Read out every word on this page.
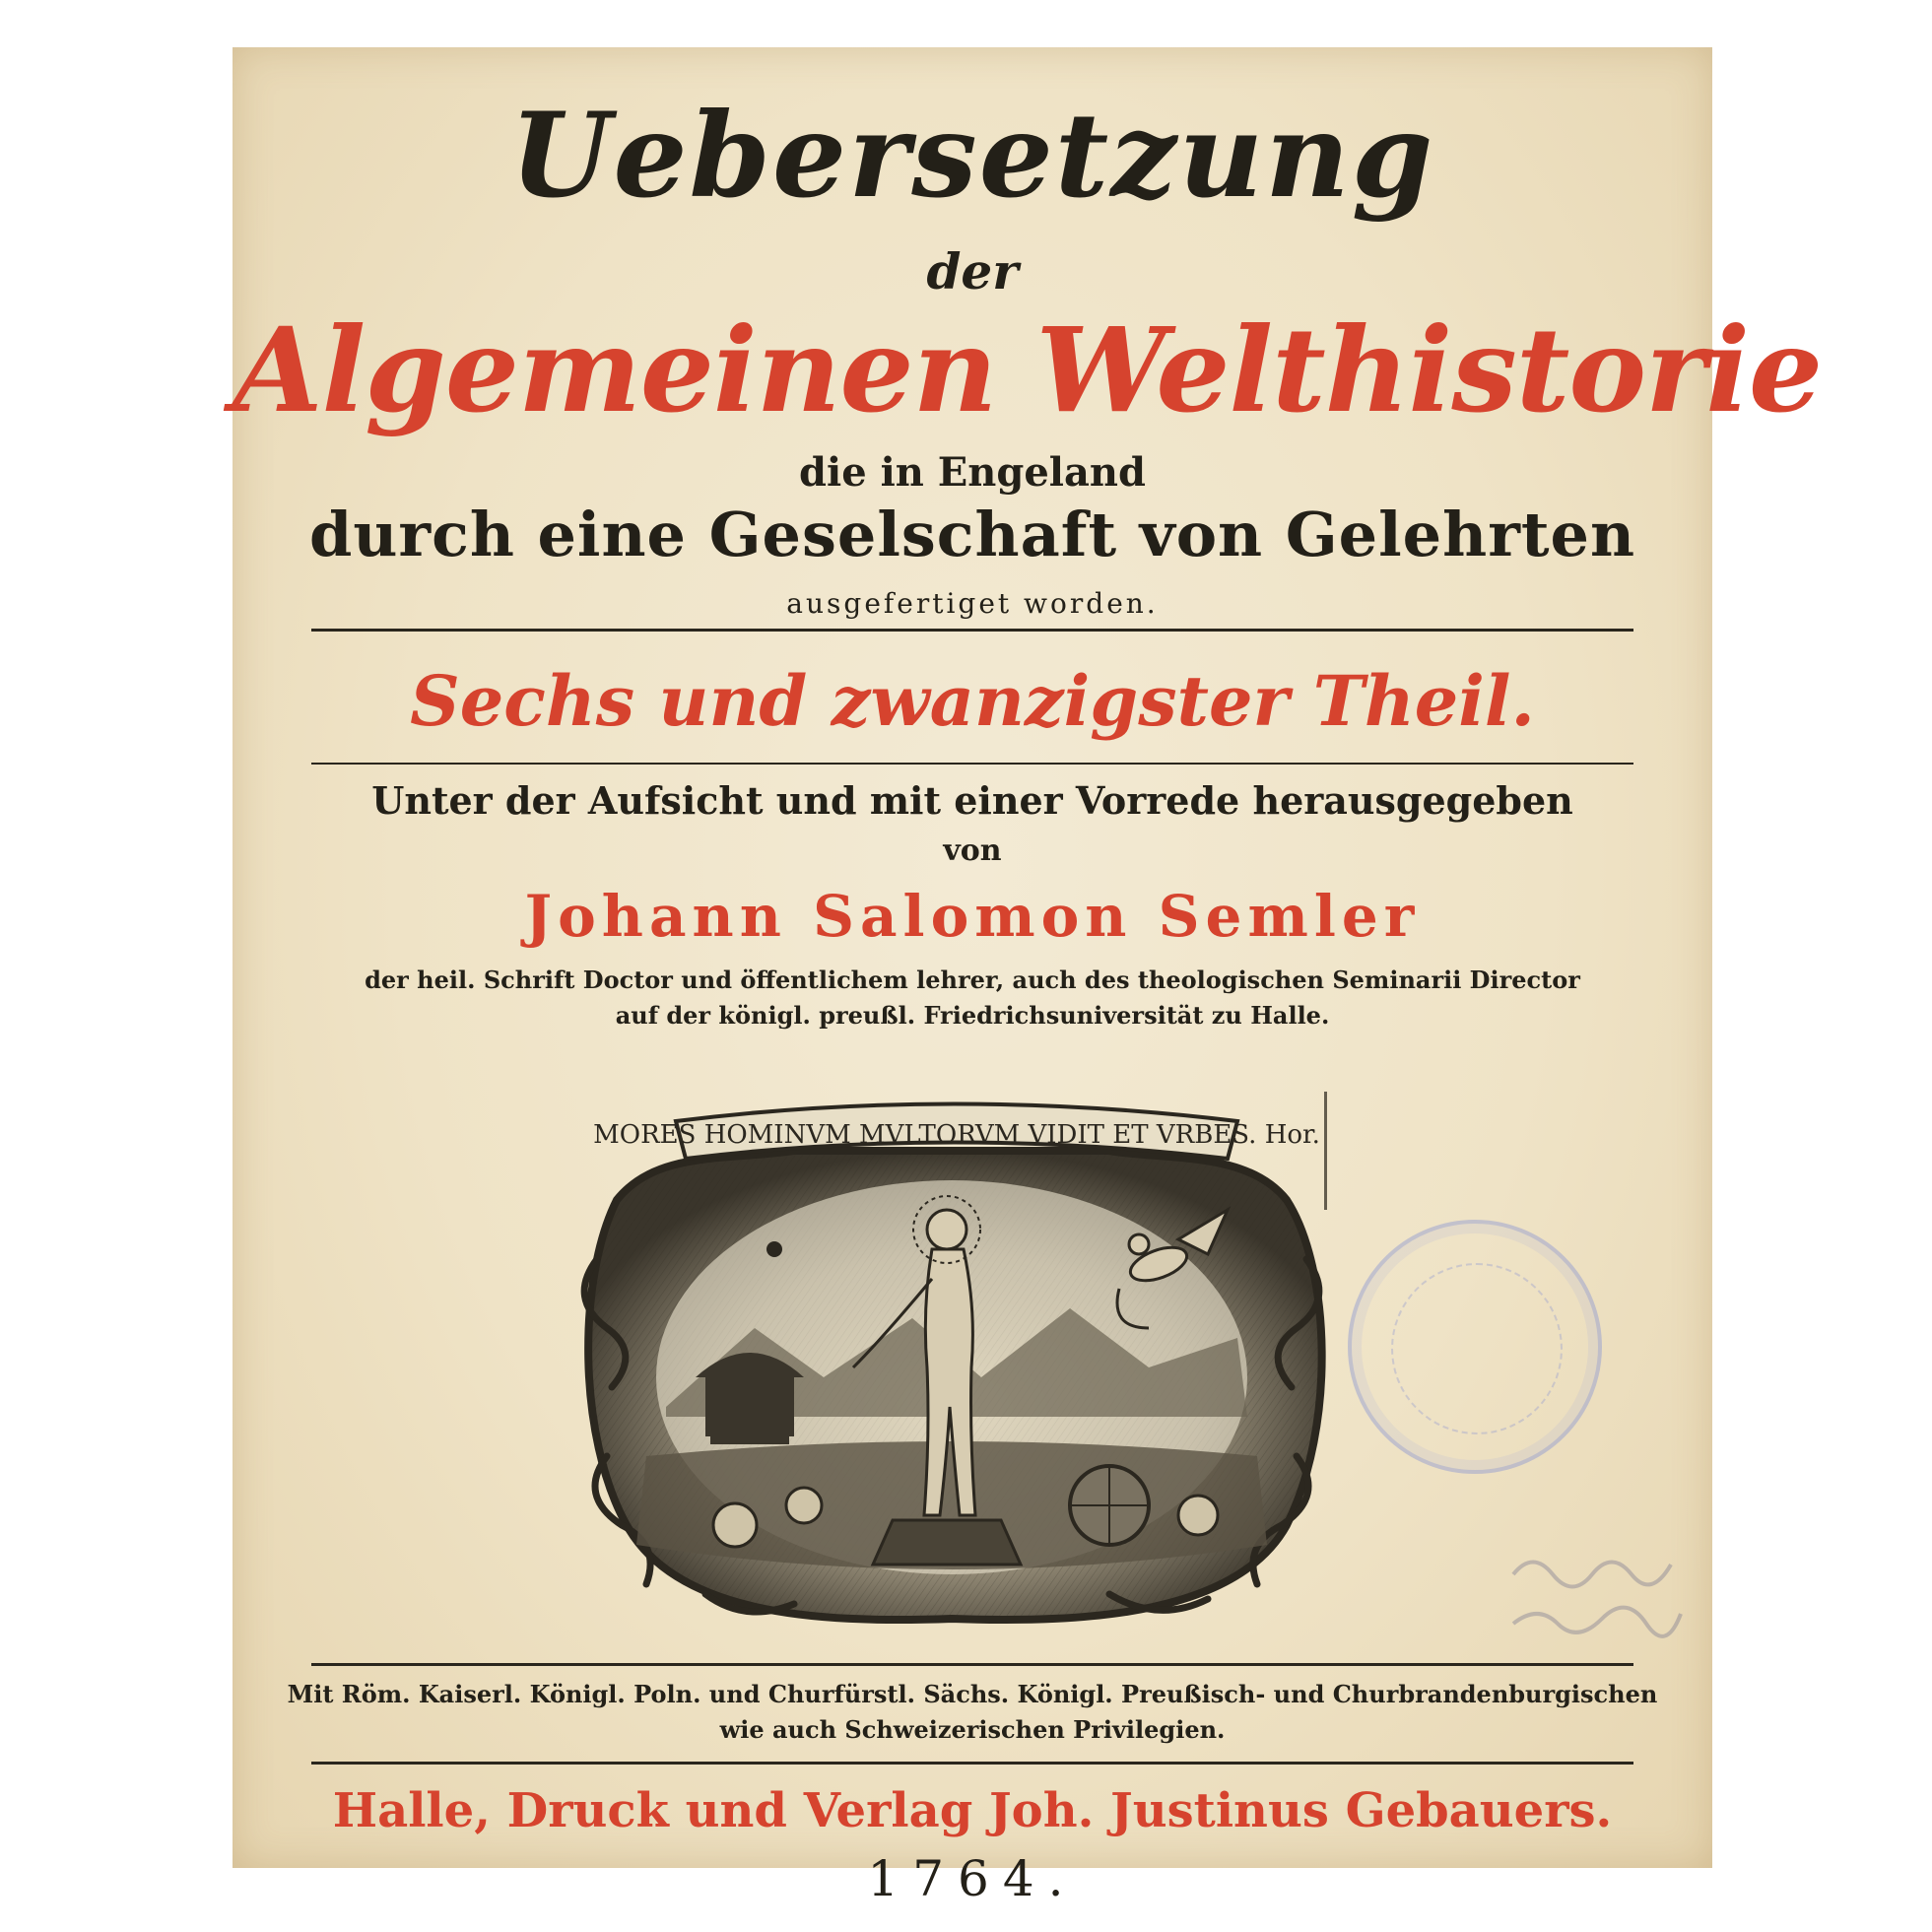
Uebersetzung

der

Algemeinen Welthistorie

die in Engeland

durch eine Geselschaft von Gelehrten

ausgefertiget worden.

Sechs und zwanzigster Theil.

Unter der Aufsicht und mit einer Vorrede herausgegeben

von

Johann Salomon Semler

der heil. Schrift Doctor und öffentlichem lehrer, auch des theologischen Seminarii Director

auf der königl. preußl. Friedrichsuniversität zu Halle.

MORES HOMINVM MVLTORVM VIDIT ET VRBES. Hor.

Mit Röm. Kaiserl. Königl. Poln. und Churfürstl. Sächs. Königl. Preußisch- und Churbrandenburgischen

wie auch Schweizerischen Privilegien.

Halle, Druck und Verlag Joh. Justinus Gebauers.

1764.
